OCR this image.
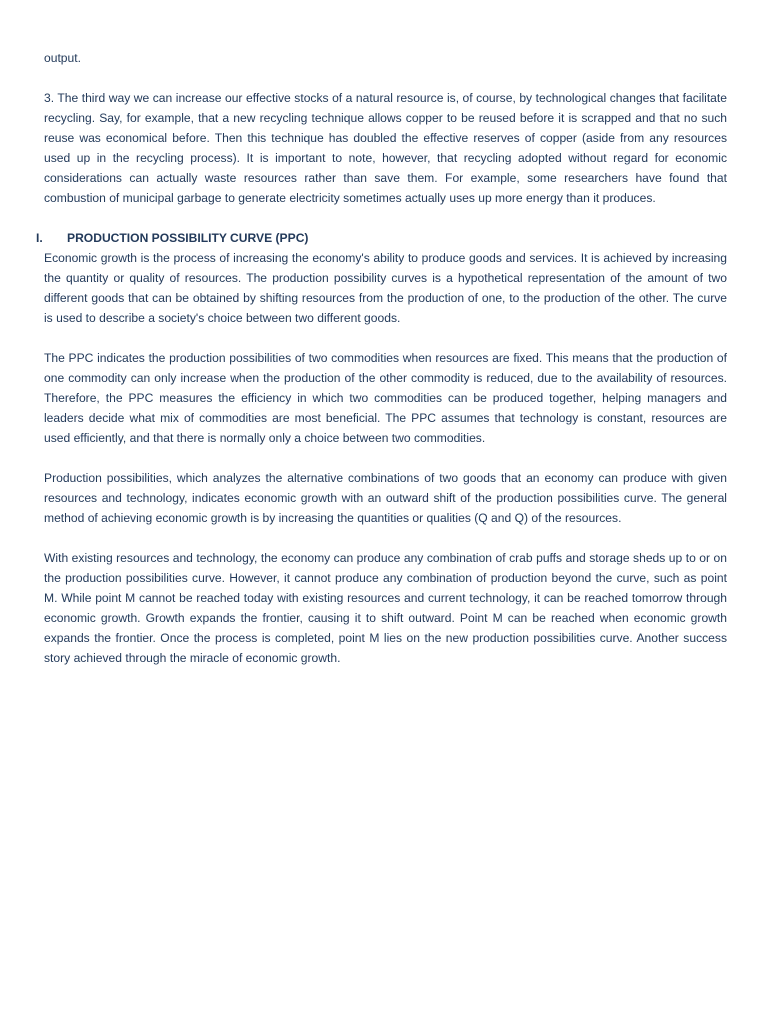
output.

3. The third way we can increase our effective stocks of a natural resource is, of course, by technological changes that facilitate recycling. Say, for example, that a new recycling technique allows copper to be reused before it is scrapped and that no such reuse was economical before. Then this technique has doubled the effective reserves of copper (aside from any resources used up in the recycling process). It is important to note, however, that recycling adopted without regard for economic considerations can actually waste resources rather than save them. For example, some researchers have found that combustion of municipal garbage to generate electricity sometimes actually uses up more energy than it produces.

I.	PRODUCTION POSSIBILITY CURVE (PPC)

Economic growth is the process of increasing the economy's ability to produce goods and services. It is achieved by increasing the quantity or quality of resources. The production possibility curves is a hypothetical representation of the amount of two different goods that can be obtained by shifting resources from the production of one, to the production of the other. The curve is used to describe a society's choice between two different goods.

The PPC indicates the production possibilities of two commodities when resources are fixed. This means that the production of one commodity can only increase when the production of the other commodity is reduced, due to the availability of resources. Therefore, the PPC measures the efficiency in which two commodities can be produced together, helping managers and leaders decide what mix of commodities are most beneficial. The PPC assumes that technology is constant, resources are used efficiently, and that there is normally only a choice between two commodities.

Production possibilities, which analyzes the alternative combinations of two goods that an economy can produce with given resources and technology, indicates economic growth with an outward shift of the production possibilities curve. The general method of achieving economic growth is by increasing the quantities or qualities (Q and Q) of the resources.

With existing resources and technology, the economy can produce any combination of crab puffs and storage sheds up to or on the production possibilities curve. However, it cannot produce any combination of production beyond the curve, such as point M. While point M cannot be reached today with existing resources and current technology, it can be reached tomorrow through economic growth. Growth expands the frontier, causing it to shift outward. Point M can be reached when economic growth expands the frontier. Once the process is completed, point M lies on the new production possibilities curve. Another success story achieved through the miracle of economic growth.
